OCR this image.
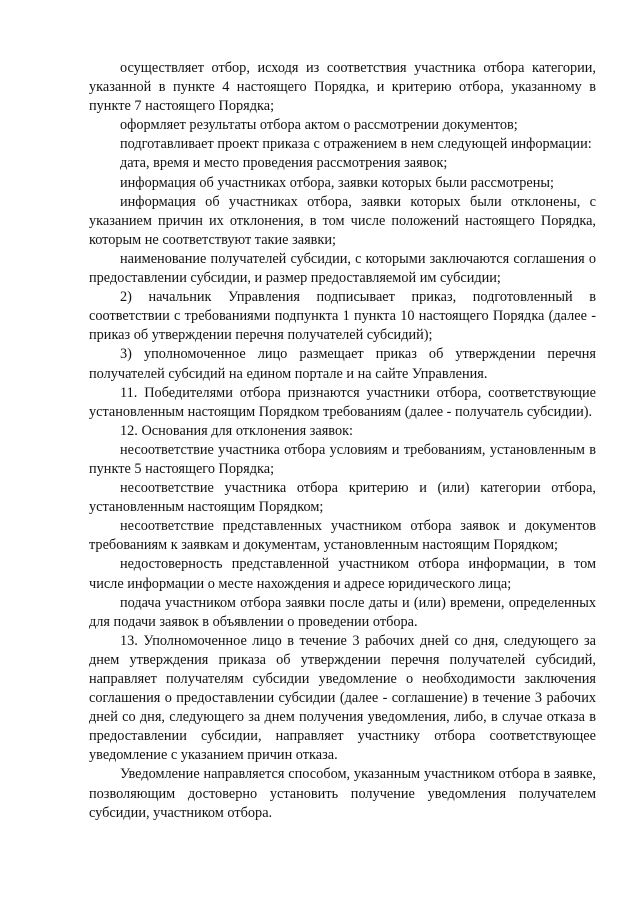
осуществляет отбор, исходя из соответствия участника отбора категории, указанной в пункте 4 настоящего Порядка, и критерию отбора, указанному в пункте 7 настоящего Порядка;

оформляет результаты отбора актом о рассмотрении документов;

подготавливает проект приказа с отражением в нем следующей информации:

дата, время и место проведения рассмотрения заявок;

информация об участниках отбора, заявки которых были рассмотрены;

информация об участниках отбора, заявки которых были отклонены, с указанием причин их отклонения, в том числе положений настоящего Порядка, которым не соответствуют такие заявки;

наименование получателей субсидии, с которыми заключаются соглашения о предоставлении субсидии, и размер предоставляемой им субсидии;

2) начальник Управления подписывает приказ, подготовленный в соответствии с требованиями подпункта 1 пункта 10 настоящего Порядка (далее - приказ об утверждении перечня получателей субсидий);

3) уполномоченное лицо размещает приказ об утверждении перечня получателей субсидий на едином портале и на сайте Управления.

11. Победителями отбора признаются участники отбора, соответствующие установленным настоящим Порядком требованиям (далее - получатель субсидии).

12. Основания для отклонения заявок:

несоответствие участника отбора условиям и требованиям, установленным в пункте 5 настоящего Порядка;

несоответствие участника отбора критерию и (или) категории отбора, установленным настоящим Порядком;

несоответствие представленных участником отбора заявок и документов требованиям к заявкам и документам, установленным настоящим Порядком;

недостоверность представленной участником отбора информации, в том числе информации о месте нахождения и адресе юридического лица;

подача участником отбора заявки после даты и (или) времени, определенных для подачи заявок в объявлении о проведении отбора.

13. Уполномоченное лицо в течение 3 рабочих дней со дня, следующего за днем утверждения приказа об утверждении перечня получателей субсидий, направляет получателям субсидии уведомление о необходимости заключения соглашения о предоставлении субсидии (далее - соглашение) в течение 3 рабочих дней со дня, следующего за днем получения уведомления, либо, в случае отказа в предоставлении субсидии, направляет участнику отбора соответствующее уведомление с указанием причин отказа.

Уведомление направляется способом, указанным участником отбора в заявке, позволяющим достоверно установить получение уведомления получателем субсидии, участником отбора.
